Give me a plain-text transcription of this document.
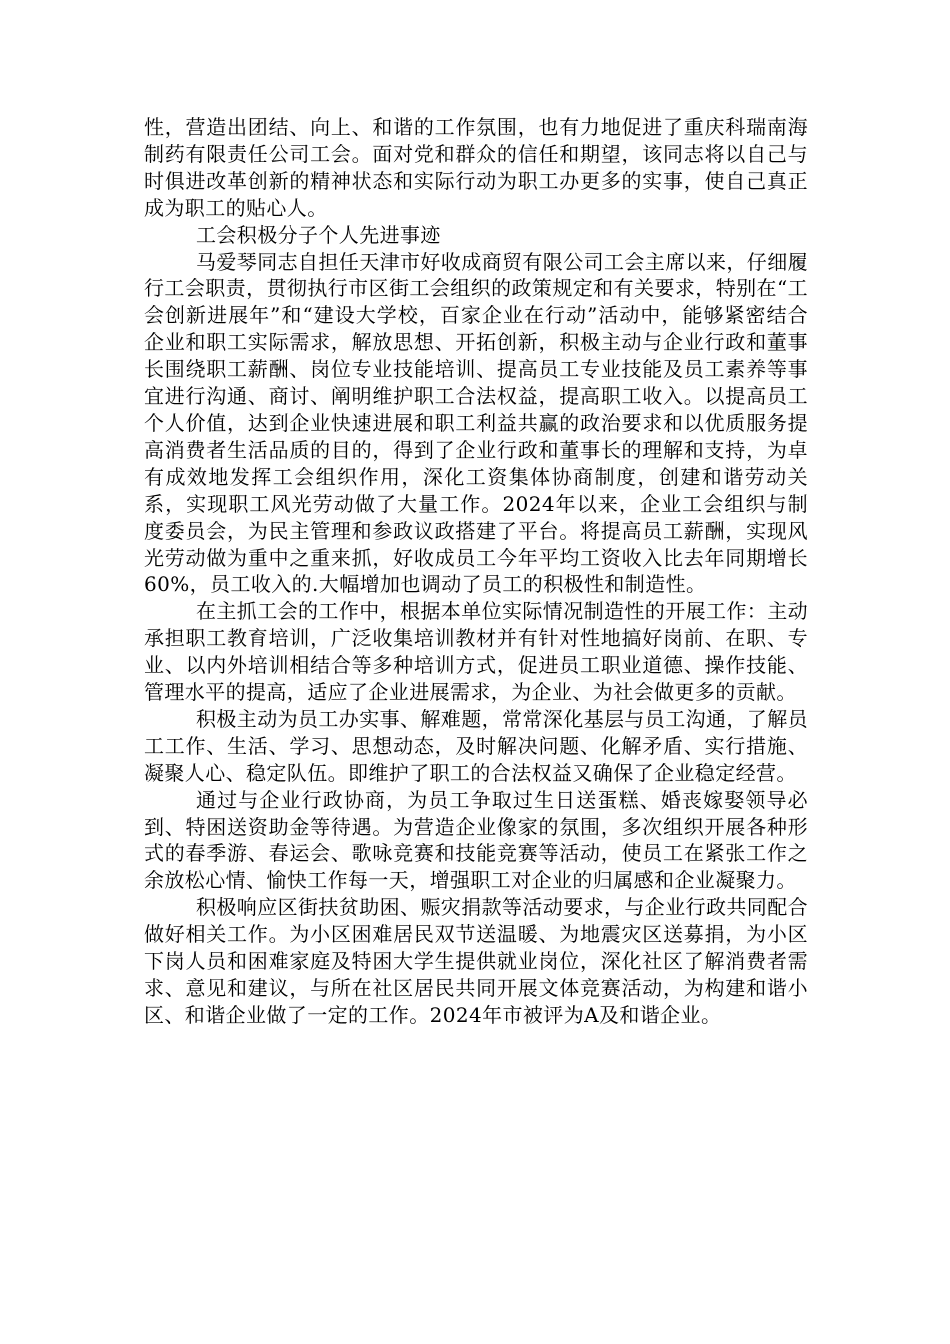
性，营造出团结、向上、和谐的工作氛围，也有力地促进了重庆科瑞南海制药有限责任公司工会。面对党和群众的信任和期望，该同志将以自己与时俱进改革创新的精神状态和实际行动为职工办更多的实事，使自己真正成为职工的贴心人。

工会积极分子个人先进事迹

马爱琴同志自担任天津市好收成商贸有限公司工会主席以来，仔细履行工会职责，贯彻执行市区街工会组织的政策规定和有关要求，特别在“工会创新进展年”和“建设大学校，百家企业在行动”活动中，能够紧密结合企业和职工实际需求，解放思想、开拓创新，积极主动与企业行政和董事长围绕职工薪酬、岗位专业技能培训、提高员工专业技能及员工素养等事宜进行沟通、商讨、阐明维护职工合法权益，提高职工收入。以提高员工个人价值，达到企业快速进展和职工利益共赢的政治要求和以优质服务提高消费者生活品质的目的，得到了企业行政和董事长的理解和支持，为卓有成效地发挥工会组织作用，深化工资集体协商制度，创建和谐劳动关系，实现职工风光劳动做了大量工作。2024年以来，企业工会组织与制度委员会，为民主管理和参政议政搭建了平台。将提高员工薪酬，实现风光劳动做为重中之重来抓，好收成员工今年平均工资收入比去年同期增长60%，员工收入的.大幅增加也调动了员工的积极性和制造性。

在主抓工会的工作中，根据本单位实际情况制造性的开展工作：主动承担职工教育培训，广泛收集培训教材并有针对性地搞好岗前、在职、专业、以内外培训相结合等多种培训方式，促进员工职业道德、操作技能、管理水平的提高，适应了企业进展需求，为企业、为社会做更多的贡献。

积极主动为员工办实事、解难题，常常深化基层与员工沟通，了解员工工作、生活、学习、思想动态，及时解决问题、化解矛盾、实行措施、凝聚人心、稳定队伍。即维护了职工的合法权益又确保了企业稳定经营。

通过与企业行政协商，为员工争取过生日送蛋糕、婚丧嫁娶领导必到、特困送资助金等待遇。为营造企业像家的氛围，多次组织开展各种形式的春季游、春运会、歌咏竞赛和技能竞赛等活动，使员工在紧张工作之余放松心情、愉快工作每一天，增强职工对企业的归属感和企业凝聚力。

积极响应区街扶贫助困、赈灾捐款等活动要求，与企业行政共同配合做好相关工作。为小区困难居民双节送温暖、为地震灾区送募捐，为小区下岗人员和困难家庭及特困大学生提供就业岗位，深化社区了解消费者需求、意见和建议，与所在社区居民共同开展文体竞赛活动，为构建和谐小区、和谐企业做了一定的工作。2024年市被评为A及和谐企业。
